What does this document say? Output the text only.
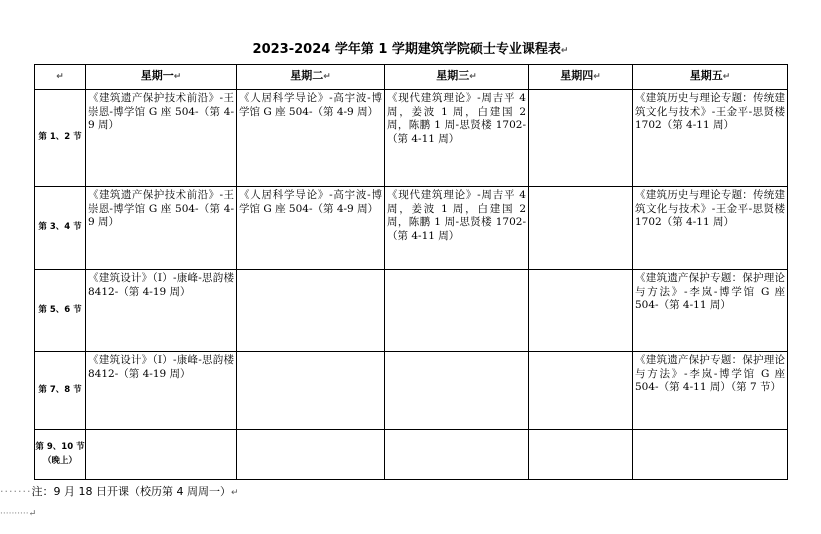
2023-2024 学年第 1 学期建筑学院硕士专业课程表↵
↵	星期一↵	星期二↵	星期三↵	星期四↵	星期五↵
第 1、2 节	《建筑遗产保护技术前沿》-王崇恩-博学馆 G 座 504-（第 4-9 周）	《人居科学导论》-高宇波-博学馆 G 座 504-（第 4-9 周）	《现代建筑理论》-周吉平 4 周，姜波 1 周，白建国 2 周，陈鹏 1 周-思贤楼 1702-（第 4-11 周）		《建筑历史与理论专题：传统建筑文化与技术》-王金平-思贤楼 1702（第 4-11 周）
第 3、4 节	《建筑遗产保护技术前沿》-王崇恩-博学馆 G 座 504-（第 4-9 周）	《人居科学导论》-高宇波-博学馆 G 座 504-（第 4-9 周）	《现代建筑理论》-周吉平 4 周，姜波 1 周，白建国 2 周，陈鹏 1 周-思贤楼 1702-（第 4-11 周）		《建筑历史与理论专题：传统建筑文化与技术》-王金平-思贤楼 1702（第 4-11 周）
第 5、6 节	《建筑设计》（I）-康峰-思韵楼 8412-（第 4-19 周）				《建筑遗产保护专题：保护理论与方法》-李岚-博学馆 G 座 504-（第 4-11 周）
第 7、8 节	《建筑设计》（I）-康峰-思韵楼 8412-（第 4-19 周）				《建筑遗产保护专题：保护理论与方法》-李岚-博学馆 G 座 504-（第 4-11 周）（第 7 节）
第 9、10 节（晚上）					
·······注：9 月 18 日开课（校历第 4 周周一）↵
··········↵
